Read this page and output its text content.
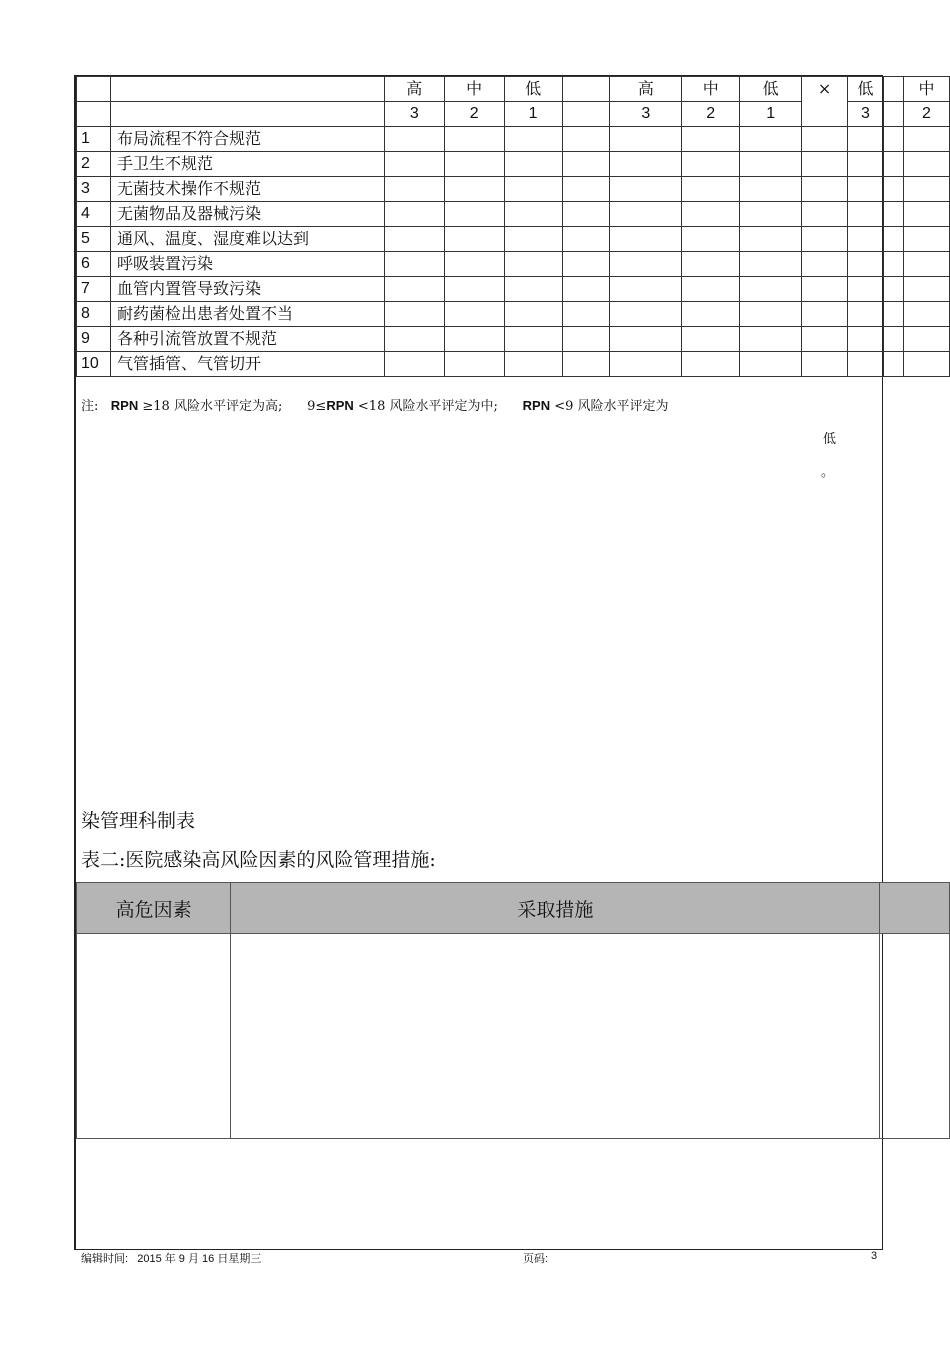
		高	中	低		高	中	低	×	低		中
		3	2	1		3	2	1		3		2
1	布局流程不符合规范											
2	手卫生不规范											
3	无菌技术操作不规范											
4	无菌物品及器械污染											
5	通风、温度、湿度难以达到											
6	呼吸装置污染											
7	血管内置管导致污染											
8	耐药菌检出患者处置不当											
9	各种引流管放置不规范											
10	气管插管、气管切开											
注: RPN ≥18 风险水平评定为高; 9≤RPN <18 风险水平评定为中; RPN <9 风险水平评定为
低
。
染管理科制表
表二:医院感染高风险因素的风险管理措施:
高危因素	采取措施	

编辑时间:   2015 年 9 月 16 日星期三	页码:	3
